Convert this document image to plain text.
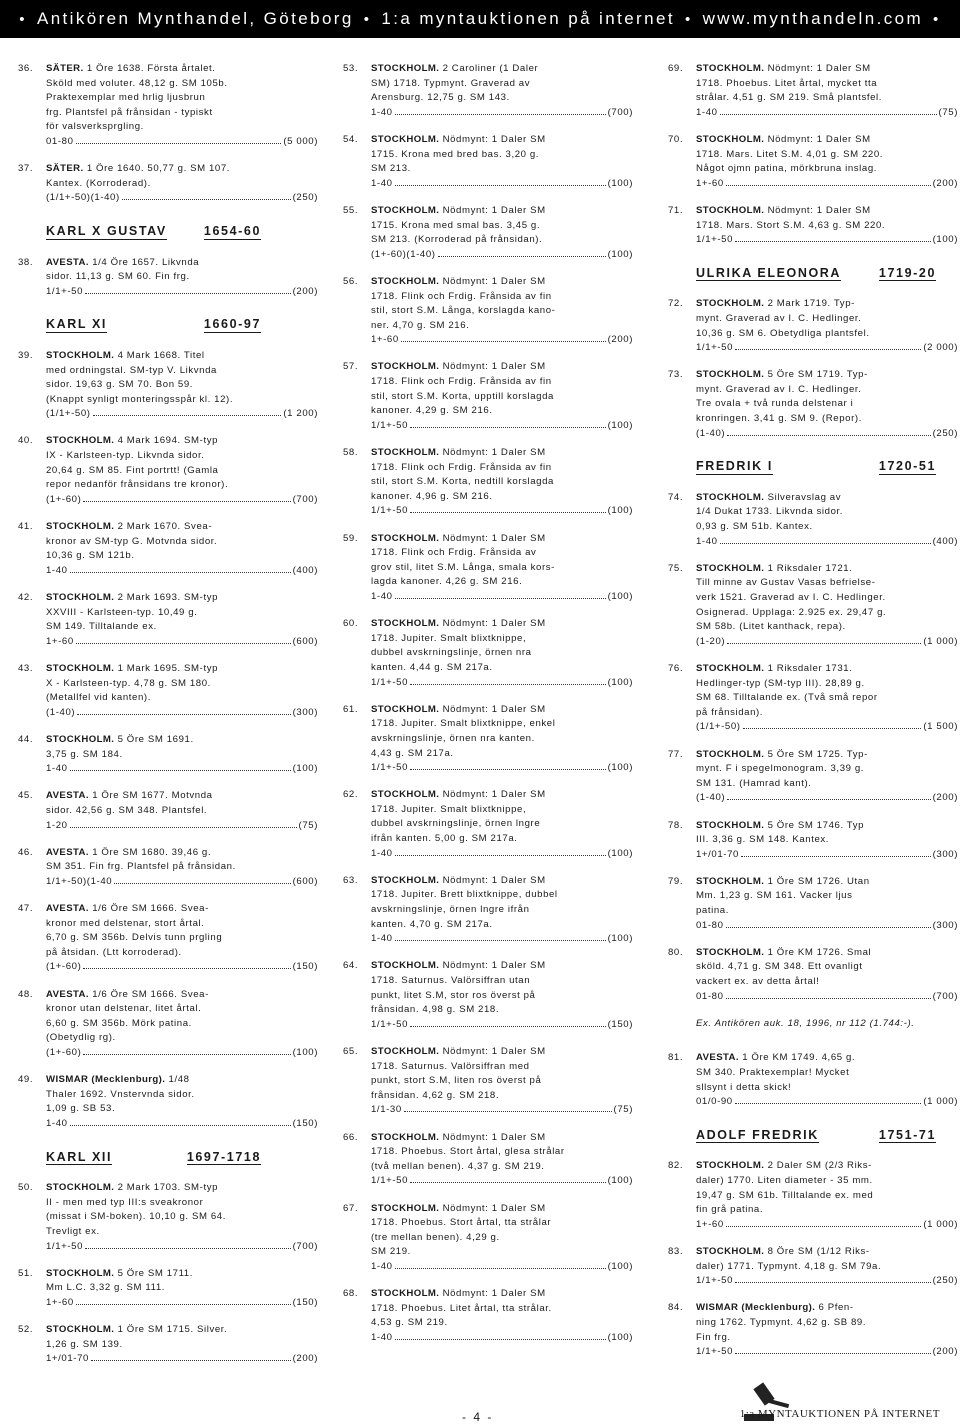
• Antikören Mynthandel, Göteborg • 1:a myntauktionen på internet • www.mynthandeln.com •
36.	SÄTER. 1 Öre 1638. Första årtalet.
Sköld med voluter. 48,12 g. SM 105b.
Praktexemplar med hrlig ljusbrun
frg. Plantsfel på frånsidan - typiskt
för valsverksprgling.
01-80	(5 000)
37.	SÄTER. 1 Öre 1640. 50,77 g. SM 107.
Kantex. (Korroderad).
(1/1+-50)(1-40)	(250)
KARL X GUSTAV	1654-60
38.	AVESTA. 1/4 Öre 1657. Likvnda
sidor. 11,13 g. SM 60. Fin frg.
1/1+-50	(200)
KARL XI	1660-97
39.	STOCKHOLM. 4 Mark 1668. Titel
med ordningstal. SM-typ V. Likvnda
sidor. 19,63 g. SM 70. Bon 59.
(Knappt synligt monteringsspår kl. 12).
(1/1+-50)	(1 200)
40.	STOCKHOLM. 4 Mark 1694. SM-typ
IX - Karlsteen-typ. Likvnda sidor.
20,64 g. SM 85. Fint portrtt! (Gamla
repor nedanför frånsidans tre kronor).
(1+-60)	(700)
41.	STOCKHOLM. 2 Mark 1670. Svea-
kronor av SM-typ G. Motvnda sidor.
10,36 g. SM 121b.
1-40	(400)
42.	STOCKHOLM. 2 Mark 1693. SM-typ
XXVIII - Karlsteen-typ. 10,49 g.
SM 149. Tilltalande ex.
1+-60	(600)
43.	STOCKHOLM. 1 Mark 1695. SM-typ
X - Karlsteen-typ. 4,78 g. SM 180.
(Metallfel vid kanten).
(1-40)	(300)
44.	STOCKHOLM. 5 Öre SM 1691.
3,75 g. SM 184.
1-40	(100)
45.	AVESTA. 1 Öre SM 1677. Motvnda
sidor. 42,56 g. SM 348. Plantsfel.
1-20	(75)
46.	AVESTA. 1 Öre SM 1680. 39,46 g.
SM 351. Fin frg. Plantsfel på frånsidan.
1/1+-50)(1-40	(600)
47.	AVESTA. 1/6 Öre SM 1666. Svea-
kronor med delstenar, stort årtal.
6,70 g. SM 356b. Delvis tunn prgling
på åtsidan. (Ltt korroderad).
(1+-60)	(150)
48.	AVESTA. 1/6 Öre SM 1666. Svea-
kronor utan delstenar, litet årtal.
6,60 g. SM 356b. Mörk patina.
(Obetydlig rg).
(1+-60)	(100)
49.	WISMAR (Mecklenburg). 1/48
Thaler 1692. Vnstervnda sidor.
1,09 g. SB 53.
1-40	(150)
KARL XII	1697-1718
50.	STOCKHOLM. 2 Mark 1703. SM-typ
II - men med typ III:s sveakronor
(missat i SM-boken). 10,10 g. SM 64.
Trevligt ex.
1/1+-50	(700)
51.	STOCKHOLM. 5 Öre SM 1711.
Mm L.C. 3,32 g. SM 111.
1+-60	(150)
52.	STOCKHOLM. 1 Öre SM 1715. Silver.
1,26 g. SM 139.
1+/01-70	(200)
53.	STOCKHOLM. 2 Caroliner (1 Daler
SM) 1718. Typmynt. Graverad av
Arensburg. 12,75 g. SM 143.
1-40	(700)
54.	STOCKHOLM. Nödmynt: 1 Daler SM
1715. Krona med bred bas. 3,20 g.
SM 213.
1-40	(100)
55.	STOCKHOLM. Nödmynt: 1 Daler SM
1715. Krona med smal bas. 3,45 g.
SM 213. (Korroderad på frånsidan).
(1+-60)(1-40)	(100)
56.	STOCKHOLM. Nödmynt: 1 Daler SM
1718. Flink och Frdig. Frånsida av fin
stil, stort S.M. Långa, korslagda kano-
ner. 4,70 g. SM 216.
1+-60	(200)
57.	STOCKHOLM. Nödmynt: 1 Daler SM
1718. Flink och Frdig. Frånsida av fin
stil, stort S.M. Korta, upptill korslagda
kanoner. 4,29 g. SM 216.
1/1+-50	(100)
58.	STOCKHOLM. Nödmynt: 1 Daler SM
1718. Flink och Frdig. Frånsida av fin
stil, stort S.M. Korta, nedtill korslagda
kanoner. 4,96 g. SM 216.
1/1+-50	(100)
59.	STOCKHOLM. Nödmynt: 1 Daler SM
1718. Flink och Frdig. Frånsida av
grov stil, litet S.M. Långa, smala kors-
lagda kanoner. 4,26 g. SM 216.
1-40	(100)
60.	STOCKHOLM. Nödmynt: 1 Daler SM
1718. Jupiter. Smalt blixtknippe,
dubbel avskrningslinje, örnen nra
kanten. 4,44 g. SM 217a.
1/1+-50	(100)
61.	STOCKHOLM. Nödmynt: 1 Daler SM
1718. Jupiter. Smalt blixtknippe, enkel
avskrningslinje, örnen nra kanten.
4,43 g. SM 217a.
1/1+-50	(100)
62.	STOCKHOLM. Nödmynt: 1 Daler SM
1718. Jupiter. Smalt blixtknippe,
dubbel avskrningslinje, örnen lngre
ifrån kanten. 5,00 g. SM 217a.
1-40	(100)
63.	STOCKHOLM. Nödmynt: 1 Daler SM
1718. Jupiter. Brett blixtknippe, dubbel
avskrningslinje, örnen lngre ifrån
kanten. 4,70 g. SM 217a.
1-40	(100)
64.	STOCKHOLM. Nödmynt: 1 Daler SM
1718. Saturnus. Valörsiffran utan
punkt, litet S.M, stor ros överst på
frånsidan. 4,98 g. SM 218.
1/1+-50	(150)
65.	STOCKHOLM. Nödmynt: 1 Daler SM
1718. Saturnus. Valörsiffran med
punkt, stort S.M, liten ros överst på
frånsidan. 4,62 g. SM 218.
1/1-30	(75)
66.	STOCKHOLM. Nödmynt: 1 Daler SM
1718. Phoebus. Stort årtal, glesa strålar
(två mellan benen). 4,37 g. SM 219.
1/1+-50	(100)
67.	STOCKHOLM. Nödmynt: 1 Daler SM
1718. Phoebus. Stort årtal, tta strålar
(tre mellan benen). 4,29 g.
SM 219.
1-40	(100)
68.	STOCKHOLM. Nödmynt: 1 Daler SM
1718. Phoebus. Litet årtal, tta strålar.
4,53 g. SM 219.
1-40	(100)
69.	STOCKHOLM. Nödmynt: 1 Daler SM
1718. Phoebus. Litet årtal, mycket tta
strålar. 4,51 g. SM 219. Små plantsfel.
1-40	(75)
70.	STOCKHOLM. Nödmynt: 1 Daler SM
1718. Mars. Litet S.M. 4,01 g. SM 220.
Något ojmn patina, mörkbruna inslag.
1+-60	(200)
71.	STOCKHOLM. Nödmynt: 1 Daler SM
1718. Mars. Stort S.M. 4,63 g. SM 220.
1/1+-50	(100)
ULRIKA ELEONORA	1719-20
72.	STOCKHOLM. 2 Mark 1719. Typ-
mynt. Graverad av I. C. Hedlinger.
10,36 g. SM 6. Obetydliga plantsfel.
1/1+-50	(2 000)
73.	STOCKHOLM. 5 Öre SM 1719. Typ-
mynt. Graverad av I. C. Hedlinger.
Tre ovala + två runda delstenar i
kronringen. 3,41 g. SM 9. (Repor).
(1-40)	(250)
FREDRIK I	1720-51
74.	STOCKHOLM. Silveravslag av
1/4 Dukat 1733. Likvnda sidor.
0,93 g. SM 51b. Kantex.
1-40	(400)
75.	STOCKHOLM. 1 Riksdaler 1721.
Till minne av Gustav Vasas befrielse-
verk 1521. Graverad av I. C. Hedlinger.
Osignerad. Upplaga: 2.925 ex. 29,47 g.
SM 58b. (Litet kanthack, repa).
(1-20)	(1 000)
76.	STOCKHOLM. 1 Riksdaler 1731.
Hedlinger-typ (SM-typ III). 28,89 g.
SM 68. Tilltalande ex. (Två små repor
på frånsidan).
(1/1+-50)	(1 500)
77.	STOCKHOLM. 5 Öre SM 1725. Typ-
mynt. F i spegelmonogram. 3,39 g.
SM 131. (Hamrad kant).
(1-40)	(200)
78.	STOCKHOLM. 5 Öre SM 1746. Typ
III. 3,36 g. SM 148. Kantex.
1+/01-70	(300)
79.	STOCKHOLM. 1 Öre SM 1726. Utan
Mm. 1,23 g. SM 161. Vacker ljus
patina.
01-80	(300)
80.	STOCKHOLM. 1 Öre KM 1726. Smal
sköld. 4,71 g. SM 348. Ett ovanligt
vackert ex. av detta årtal!
01-80	(700)
Ex. Antikören auk. 18, 1996, nr 112 (1.744:-).
81.	AVESTA. 1 Öre KM 1749. 4,65 g.
SM 340. Praktexemplar! Mycket
sllsynt i detta skick!
01/0-90	(1 000)
ADOLF FREDRIK	1751-71
82.	STOCKHOLM. 2 Daler SM (2/3 Riks-
daler) 1770. Liten diameter - 35 mm.
19,47 g. SM 61b. Tilltalande ex. med
fin grå patina.
1+-60	(1 000)
83.	STOCKHOLM. 8 Öre SM (1/12 Riks-
daler) 1771. Typmynt. 4,18 g. SM 79a.
1/1+-50	(250)
84.	WISMAR (Mecklenburg). 6 Pfen-
ning 1762. Typmynt. 4,62 g. SB 89.
Fin frg.
1/1+-50	(200)
- 4 -	1:a MYNTAUKTIONEN PÅ INTERNET
